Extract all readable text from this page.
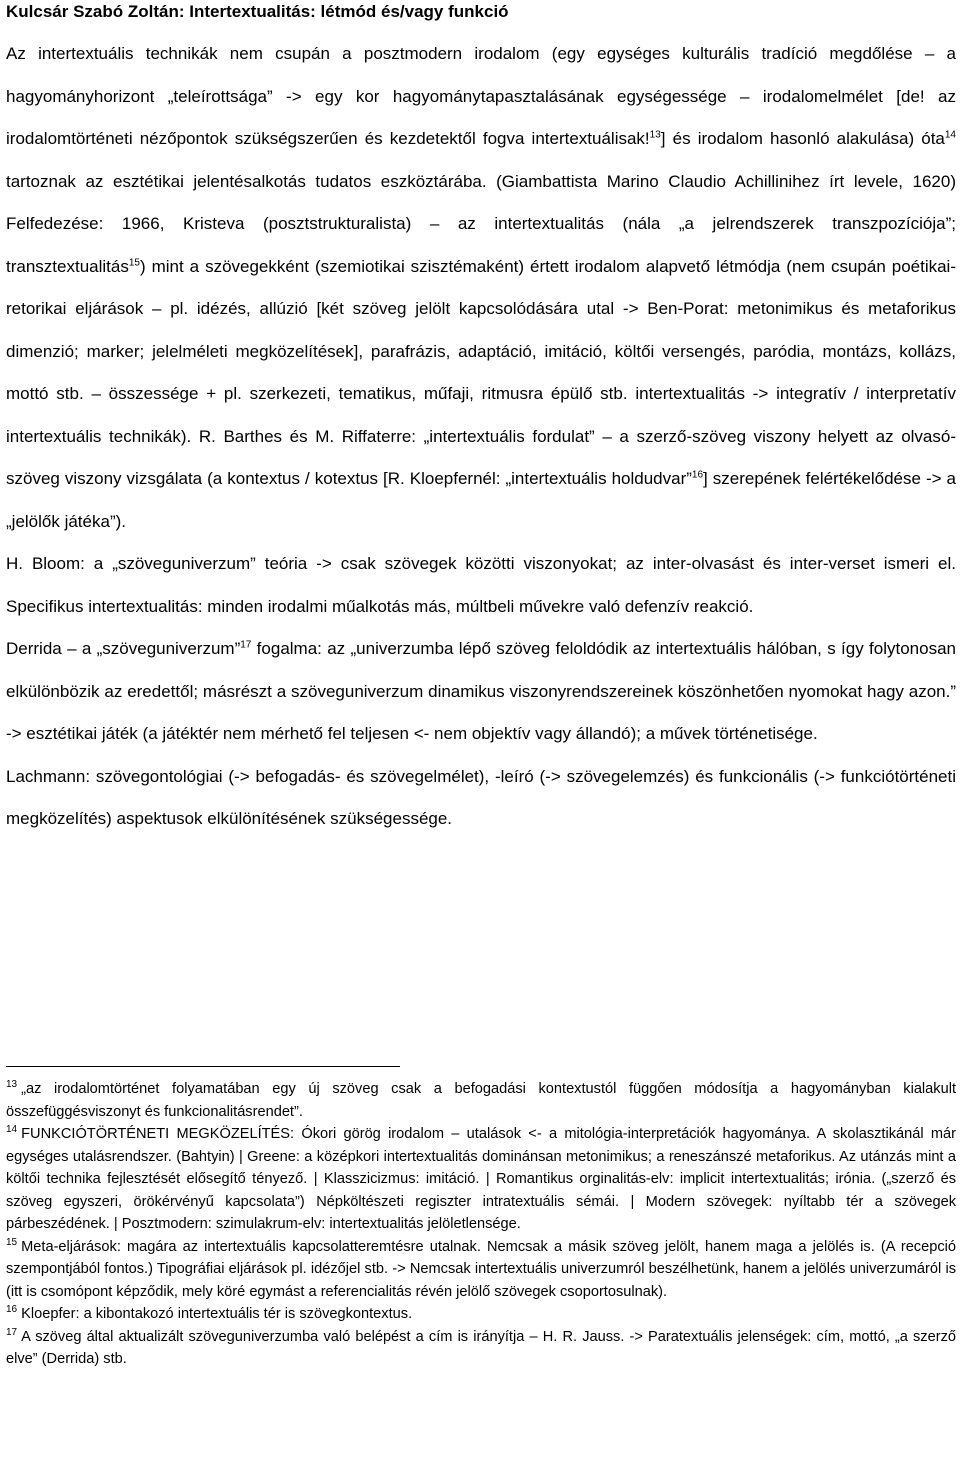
Kulcsár Szabó Zoltán: Intertextualitás: létmód és/vagy funkció

Az intertextuális technikák nem csupán a posztmodern irodalom (egy egységes kulturális tradíció megdőlése – a hagyományhorizont „teleírottsága” -> egy kor hagyománytapasztalásának egységessége – irodalomelmélet [de! az irodalomtörténeti nézőpontok szükségszerűen és kezdetektől fogva intertextuálisak!$^{13}$] és irodalom hasonló alakulása) óta$^{14}$ tartoznak az esztétikai jelentésalkotás tudatos eszköztárába. (Giambattista Marino Claudio Achillinihez írt levele, 1620) Felfedezése: 1966, Kristeva (posztstrukturalista) – az intertextualitás (nála „a jelrendszerek transzpozíciója”; transztextualitás$^{15}$) mint a szövegekként (szemiotikai szisztémaként) értett irodalom alapvető létmódja (nem csupán poétikai-retorikai eljárások – pl. idézés, allúzió [két szöveg jelölt kapcsolódására utal -> Ben-Porat: metonimikus és metaforikus dimenzió; marker; jelelméleti megközelítések], parafrázis, adaptáció, imitáció, költői versengés, paródia, montázs, kollázs, mottó stb. – összessége + pl. szerkezeti, tematikus, műfaji, ritmusra épülő stb. intertextualitás -> integratív / interpretatív intertextuális technikák). R. Barthes és M. Riffaterre: „intertextuális fordulat” – a szerző-szöveg viszony helyett az olvasó-szöveg viszony vizsgálata (a kontextus / kotextus [R. Kloepfernél: „intertextuális holdudvar”$^{16}$] szerepének felértékelődése -> a „jelölők játéka”).

H. Bloom: a „szöveguniverzum” teória -> csak szövegek közötti viszonyokat; az inter-olvasást és inter-verset ismeri el. Specifikus intertextualitás: minden irodalmi műalkotás más, múltbeli művekre való defenzív reakció.

Derrida – a „szöveguniverzum”$^{17}$ fogalma: az „univerzumba lépő szöveg feloldódik az intertextuális hálóban, s így folytonosan elkülönbözik az eredettől; másrészt a szöveguniverzum dinamikus viszonyrendszereinek köszönhetően nyomokat hagy azon.” -> esztétikai játék (a játéktér nem mérhető fel teljesen <- nem objektív vagy állandó); a művek történetisége.

Lachmann: szövegontológiai (-> befogadás- és szövegelmélet), -leíró (-> szövegelemzés) és funkcionális (-> funkciótörténeti megközelítés) aspektusok elkülönítésének szükségessége.

$^{13}$ „az irodalomtörténet folyamatában egy új szöveg csak a befogadási kontextustól függően módosítja a hagyományban kialakult összefüggésviszonyt és funkcionalitásrendet”.

$^{14}$ FUNKCIÓTÖRTÉNETI MEGKÖZELÍTÉS: Ókori görög irodalom – utalások <- a mitológia-interpretációk hagyománya. A skolasztikánál már egységes utalásrendszer. (Bahtyin) | Greene: a középkori intertextualitás dominánsan metonimikus; a reneszánszé metaforikus. Az utánzás mint a költői technika fejlesztését elősegítő tényező. | Klasszicizmus: imitáció. | Romantikus orginalitás-elv: implicit intertextualitás; irónia. („szerző és szöveg egyszeri, örökérvényű kapcsolata”) Népköltészeti regiszter intratextuális sémái. | Modern szövegek: nyíltabb tér a szövegek párbeszédének. | Posztmodern: szimulakrum-elv: intertextualitás jelöletlensége.

$^{15}$ Meta-eljárások: magára az intertextuális kapcsolatteremtésre utalnak. Nemcsak a másik szöveg jelölt, hanem maga a jelölés is. (A recepció szempontjából fontos.) Tipográfiai eljárások pl. idézőjel stb. -> Nemcsak intertextuális univerzumról beszélhetünk, hanem a jelölés univerzumáról is (itt is csomópont képződik, mely köré egymást a referencialitás révén jelölő szövegek csoportosulnak).

$^{16}$ Kloepfer: a kibontakozó intertextuális tér is szövegkontextus.

$^{17}$ A szöveg által aktualizált szöveguniverzumba való belépést a cím is irányítja – H. R. Jauss. -> Paratextuális jelenségek: cím, mottó, „a szerző elve” (Derrida) stb.
